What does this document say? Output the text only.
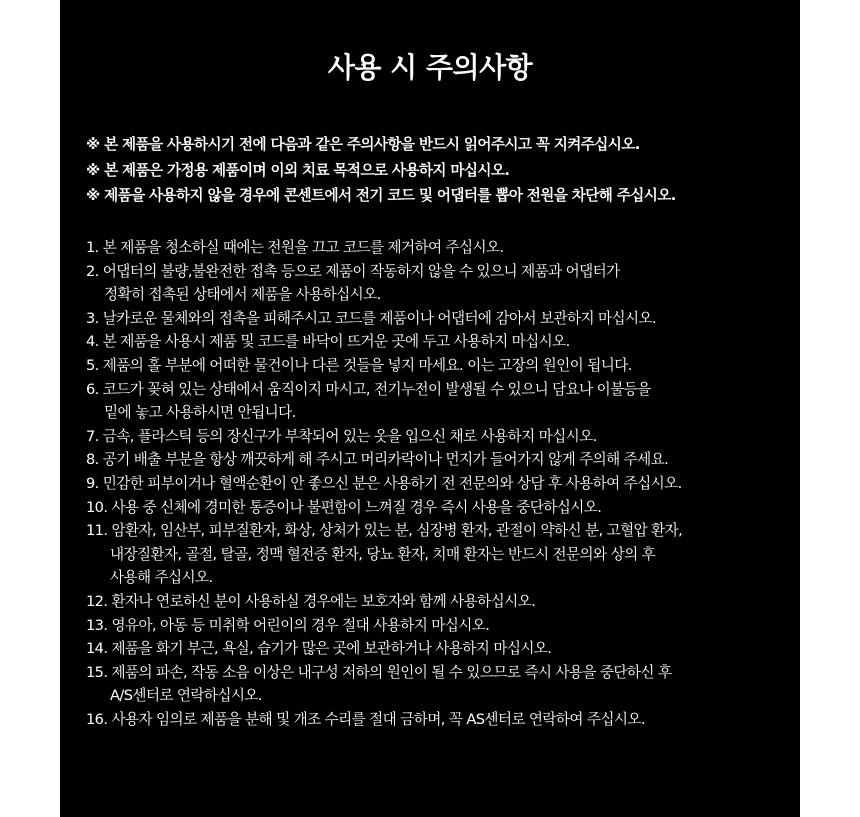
사용 시 주의사항
※ 본 제품을 사용하시기 전에 다음과 같은 주의사항을 반드시 읽어주시고 꼭 지켜주십시오.
※ 본 제품은 가정용 제품이며 이외 치료 목적으로 사용하지 마십시오.
※ 제품을 사용하지 않을 경우에 콘센트에서 전기 코드 및 어댑터를 뽑아 전원을 차단해 주십시오.
1. 본 제품을 청소하실 때에는 전원을 끄고 코드를 제거하여 주십시오.
2. 어댑터의 불량,불완전한 접촉 등으로 제품이 작동하지 않을 수 있으니 제품과 어댑터가
정확히 접촉된 상태에서 제품을 사용하십시오.
3. 날카로운 물체와의 접촉을 피해주시고 코드를 제품이나 어댑터에 감아서 보관하지 마십시오.
4. 본 제품을 사용시 제품 및 코드를 바닥이 뜨거운 곳에 두고 사용하지 마십시오.
5. 제품의 홀 부분에 어떠한 물건이나 다른 것들을 넣지 마세요. 이는 고장의 원인이 됩니다.
6. 코드가 꽂혀 있는 상태에서 움직이지 마시고, 전기누전이 발생될 수 있으니 담요나 이불등을
밑에 놓고 사용하시면 안됩니다.
7. 금속, 플라스틱 등의 장신구가 부착되어 있는 옷을 입으신 채로 사용하지 마십시오.
8. 공기 배출 부분을 항상 깨끗하게 해 주시고 머리카락이나 먼지가 들어가지 않게 주의해 주세요.
9. 민감한 피부이거나 혈액순환이 안 좋으신 분은 사용하기 전 전문의와 상담 후 사용하여 주십시오.
10. 사용 중 신체에 경미한 통증이나 불편함이 느껴질 경우 즉시 사용을 중단하십시오.
11. 암환자, 임산부, 피부질환자, 화상, 상처가 있는 분, 심장병 환자, 관절이 약하신 분, 고혈압 환자,
내장질환자, 골절, 탈골, 정맥 혈전증 환자, 당뇨 환자, 치매 환자는 반드시 전문의와 상의 후
사용해 주십시오.
12. 환자나 연로하신 분이 사용하실 경우에는 보호자와 함께 사용하십시오.
13. 영유아, 아동 등 미취학 어린이의 경우 절대 사용하지 마십시오.
14. 제품을 화기 부근, 욕실, 습기가 많은 곳에 보관하거나 사용하지 마십시오.
15. 제품의 파손, 작동 소음 이상은 내구성 저하의 원인이 될 수 있으므로 즉시 사용을 중단하신 후
A/S센터로 연락하십시오.
16. 사용자 임의로 제품을 분해 및 개조 수리를 절대 금하며, 꼭 AS센터로 연락하여 주십시오.
